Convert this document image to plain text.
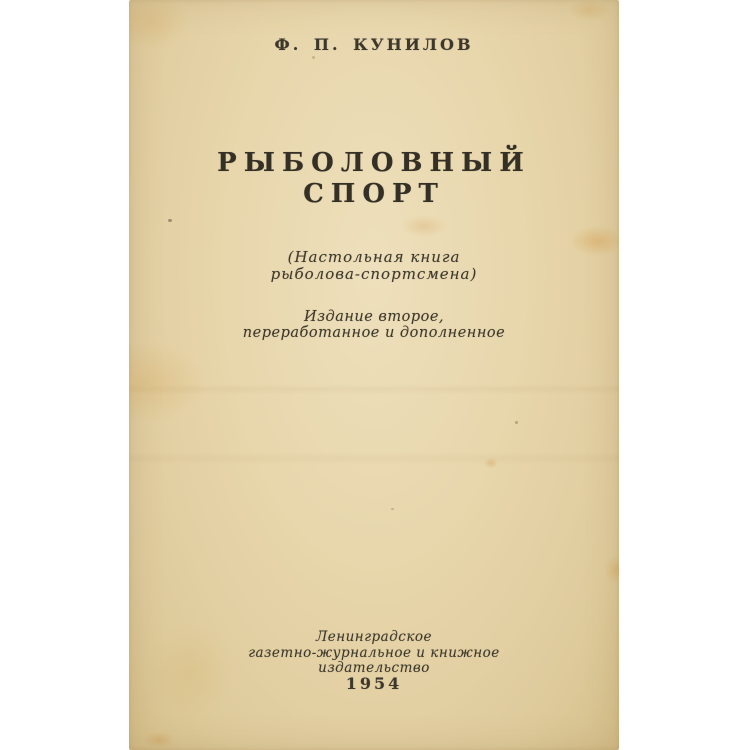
Ф. П. КУНИЛОВ
РЫБОЛОВНЫЙ
СПОРТ
(Настольная книга
рыболова-спортсмена)
Издание второе,
переработанное и дополненное
Ленинградское
газетно-журнальное и книжное
издательство
1954
